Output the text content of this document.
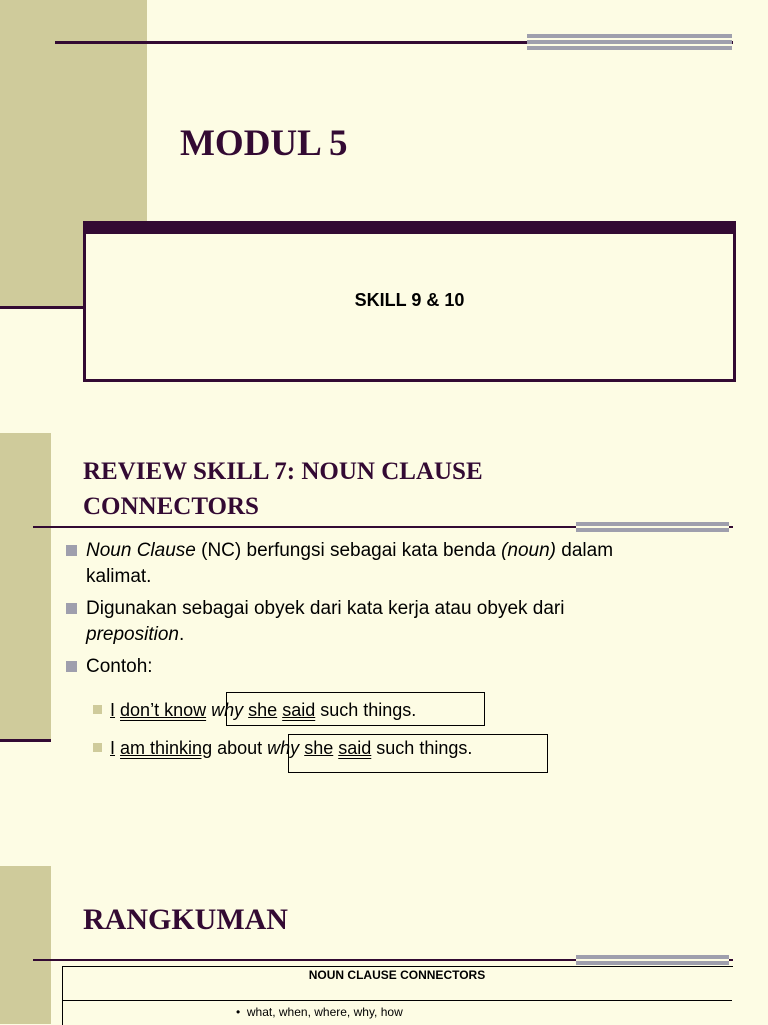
MODUL 5
SKILL 9 & 10
REVIEW SKILL 7: NOUN CLAUSE
CONNECTORS
Noun Clause (NC) berfungsi sebagai kata benda (noun) dalam
kalimat.
Digunakan sebagai obyek dari kata kerja atau obyek dari
preposition.
Contoh:
I don’t know why she said such things.
I am thinking about why she said such things.
RANGKUMAN
NOUN CLAUSE CONNECTORS
•  what, when, where, why, how
